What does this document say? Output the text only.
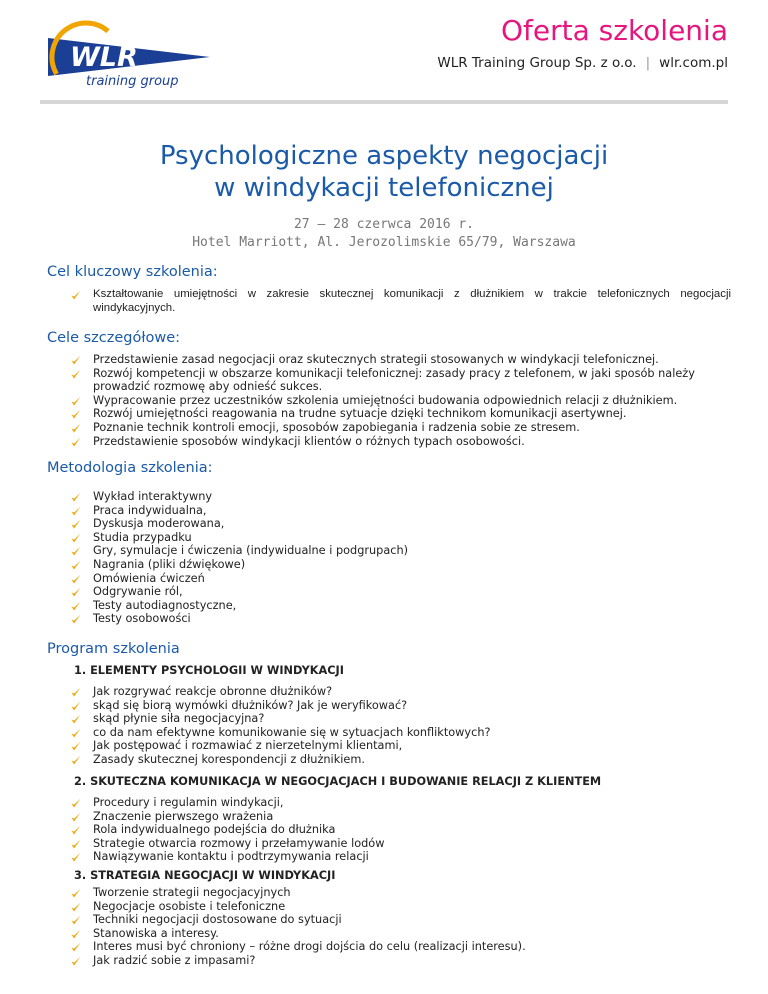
WLR
training group
Oferta szkolenia
WLR Training Group Sp. z o.o. | wlr.com.pl
Psychologiczne aspekty negocjacji
w windykacji telefonicznej
27 – 28 czerwca 2016 r.
Hotel Marriott, Al. Jerozolimskie 65/79, Warszawa
Cel kluczowy szkolenia:
Kształtowanie umiejętności w zakresie skutecznej komunikacji z dłużnikiem w trakcie telefonicznych negocjacji windykacyjnych.
Cele szczegółowe:
Przedstawienie zasad negocjacji oraz skutecznych strategii stosowanych w windykacji telefonicznej.
Rozwój kompetencji w obszarze komunikacji telefonicznej: zasady pracy z telefonem, w jaki sposób należy prowadzić rozmowę aby odnieść sukces.
Wypracowanie przez uczestników szkolenia umiejętności budowania odpowiednich relacji z dłużnikiem.
Rozwój umiejętności reagowania na trudne sytuacje dzięki technikom komunikacji asertywnej.
Poznanie technik kontroli emocji, sposobów zapobiegania i radzenia sobie ze stresem.
Przedstawienie sposobów windykacji klientów o różnych typach osobowości.
Metodologia szkolenia:
Wykład interaktywny
Praca indywidualna,
Dyskusja moderowana,
Studia przypadku
Gry, symulacje i ćwiczenia (indywidualne i podgrupach)
Nagrania (pliki dźwiękowe)
Omówienia ćwiczeń
Odgrywanie ról,
Testy autodiagnostyczne,
Testy osobowości
Program szkolenia
1. ELEMENTY PSYCHOLOGII W WINDYKACJI
Jak rozgrywać reakcje obronne dłużników?
skąd się biorą wymówki dłużników? Jak je weryfikować?
skąd płynie siła negocjacyjna?
co da nam efektywne komunikowanie się w sytuacjach konfliktowych?
Jak postępować i rozmawiać z nierzetelnymi klientami,
Zasady skutecznej korespondencji z dłużnikiem.
2. SKUTECZNA KOMUNIKACJA W NEGOCJACJACH I BUDOWANIE RELACJI Z KLIENTEM
Procedury i regulamin windykacji,
Znaczenie pierwszego wrażenia
Rola indywidualnego podejścia do dłużnika
Strategie otwarcia rozmowy i przełamywanie lodów
Nawiązywanie kontaktu i podtrzymywania relacji
3. STRATEGIA NEGOCJACJI W WINDYKACJI
Tworzenie strategii negocjacyjnych
Negocjacje osobiste i telefoniczne
Techniki negocjacji dostosowane do sytuacji
Stanowiska a interesy.
Interes musi być chroniony – różne drogi dojścia do celu (realizacji interesu).
Jak radzić sobie z impasami?
